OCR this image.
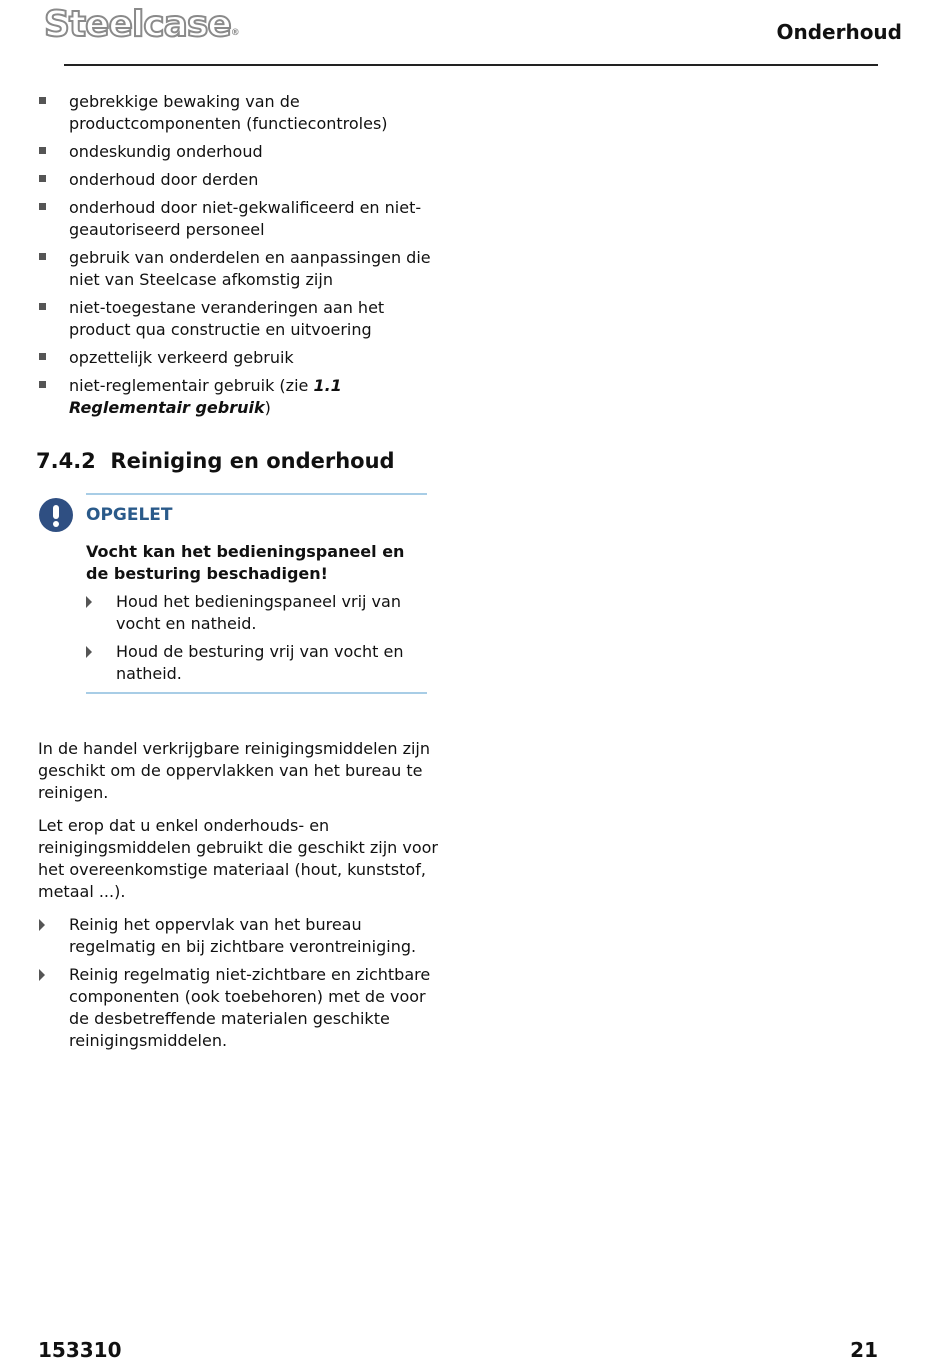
Steelcase®	Onderhoud
gebrekkige bewaking van de productcomponenten (functiecontroles)
ondeskundig onderhoud
onderhoud door derden
onderhoud door niet-gekwalificeerd en niet-geautoriseerd personeel
gebruik van onderdelen en aanpassingen die niet van Steelcase afkomstig zijn
niet-toegestane veranderingen aan het product qua constructie en uitvoering
opzettelijk verkeerd gebruik
niet-reglementair gebruik (zie 1.1 Reglementair gebruik)
7.4.2 Reiniging en onderhoud
OPGELET

Vocht kan het bedieningspaneel en de besturing beschadigen!

Houd het bedieningspaneel vrij van vocht en natheid.
Houd de besturing vrij van vocht en natheid.

In de handel verkrijgbare reinigingsmiddelen zijn geschikt om de oppervlakken van het bureau te reinigen.

Let erop dat u enkel onderhouds- en reinigingsmiddelen gebruikt die geschikt zijn voor het overeenkomstige materiaal (hout, kunststof, metaal ...).

Reinig het oppervlak van het bureau regelmatig en bij zichtbare verontreiniging.
Reinig regelmatig niet-zichtbare en zichtbare componenten (ook toebehoren) met de voor de desbetreffende materialen geschikte reinigingsmiddelen.
153310	21
